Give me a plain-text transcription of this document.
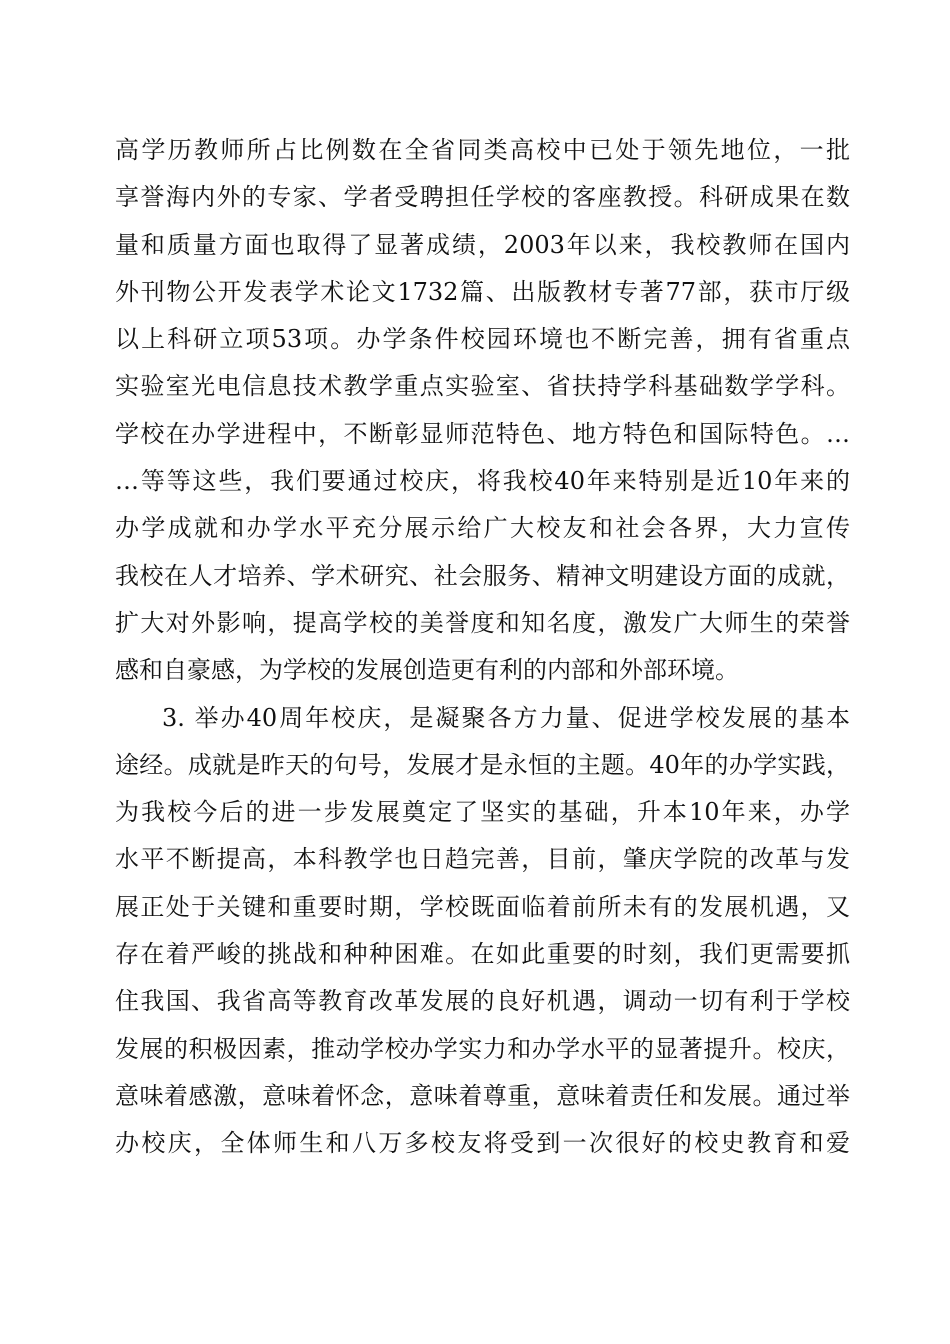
高学历教师所占比例数在全省同类高校中已处于领先地位，一批
享誉海内外的专家、学者受聘担任学校的客座教授。科研成果在数
量和质量方面也取得了显著成绩，2003年以来，我校教师在国内
外刊物公开发表学术论文1732篇、出版教材专著77部，获市厅级
以上科研立项53项。办学条件校园环境也不断完善，拥有省重点
实验室光电信息技术教学重点实验室、省扶持学科基础数学学科。
学校在办学进程中，不断彰显师范特色、地方特色和国际特色。…
…等等这些，我们要通过校庆，将我校40年来特别是近10年来的
办学成就和办学水平充分展示给广大校友和社会各界，大力宣传
我校在人才培养、学术研究、社会服务、精神文明建设方面的成就，
扩大对外影响，提高学校的美誉度和知名度，激发广大师生的荣誉
感和自豪感，为学校的发展创造更有利的内部和外部环境。
3. 举办40周年校庆，是凝聚各方力量、促进学校发展的基本
途经。成就是昨天的句号，发展才是永恒的主题。40年的办学实践，
为我校今后的进一步发展奠定了坚实的基础，升本10年来，办学
水平不断提高，本科教学也日趋完善，目前，肇庆学院的改革与发
展正处于关键和重要时期，学校既面临着前所未有的发展机遇，又
存在着严峻的挑战和种种困难。在如此重要的时刻，我们更需要抓
住我国、我省高等教育改革发展的良好机遇，调动一切有利于学校
发展的积极因素，推动学校办学实力和办学水平的显著提升。校庆，
意味着感激，意味着怀念，意味着尊重，意味着责任和发展。通过举
办校庆，全体师生和八万多校友将受到一次很好的校史教育和爱
